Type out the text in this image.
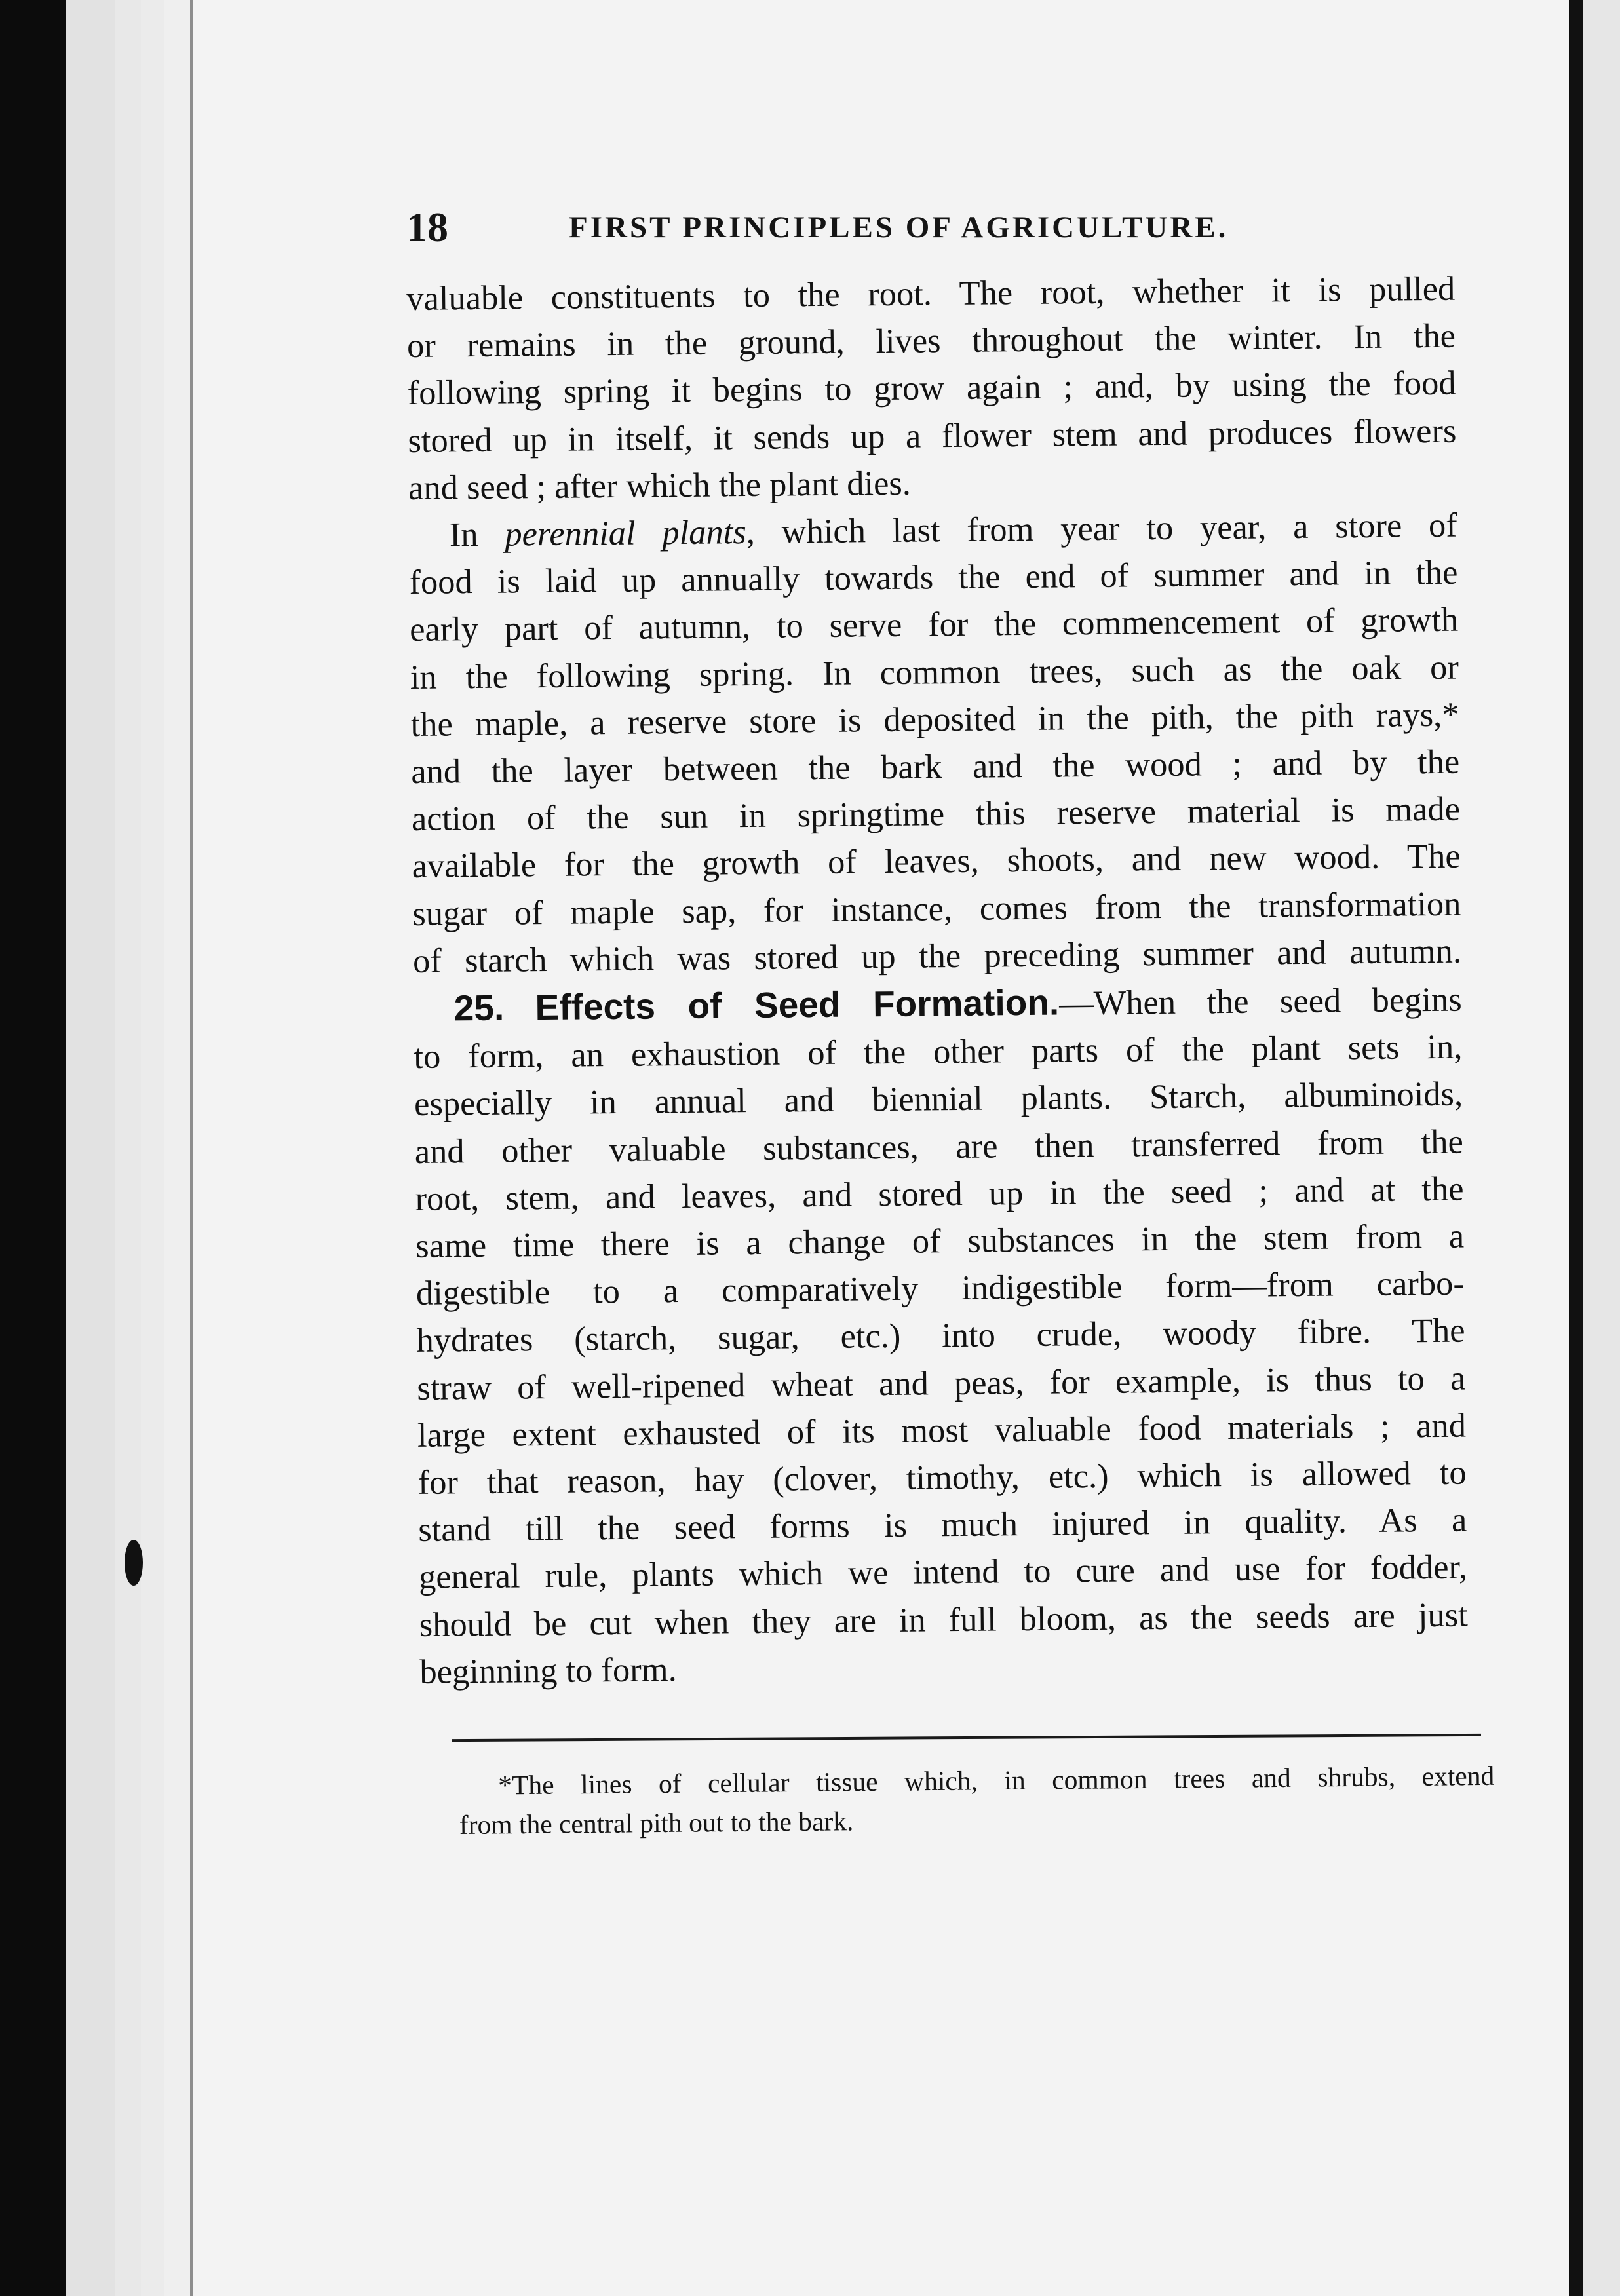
18	FIRST PRINCIPLES OF AGRICULTURE.
valuable constituents to the root. The root, whether it is pulled
or remains in the ground, lives throughout the winter. In the
following spring it begins to grow again ; and, by using the food
stored up in itself, it sends up a flower stem and produces flowers
and seed ; after which the plant dies.
In perennial plants, which last from year to year, a store of
food is laid up annually towards the end of summer and in the
early part of autumn, to serve for the commencement of growth
in the following spring. In common trees, such as the oak or
the maple, a reserve store is deposited in the pith, the pith rays,*
and the layer between the bark and the wood ; and by the
action of the sun in springtime this reserve material is made
available for the growth of leaves, shoots, and new wood. The
sugar of maple sap, for instance, comes from the transformation
of starch which was stored up the preceding summer and autumn.
25. Effects of Seed Formation.—When the seed begins
to form, an exhaustion of the other parts of the plant sets in,
especially in annual and biennial plants. Starch, albuminoids,
and other valuable substances, are then transferred from the
root, stem, and leaves, and stored up in the seed ; and at the
same time there is a change of substances in the stem from a
digestible to a comparatively indigestible form—from carbo-
hydrates (starch, sugar, etc.) into crude, woody fibre. The
straw of well-ripened wheat and peas, for example, is thus to a
large extent exhausted of its most valuable food materials ; and
for that reason, hay (clover, timothy, etc.) which is allowed to
stand till the seed forms is much injured in quality. As a
general rule, plants which we intend to cure and use for fodder,
should be cut when they are in full bloom, as the seeds are just
beginning to form.
*The lines of cellular tissue which, in common trees and shrubs, extend
from the central pith out to the bark.
